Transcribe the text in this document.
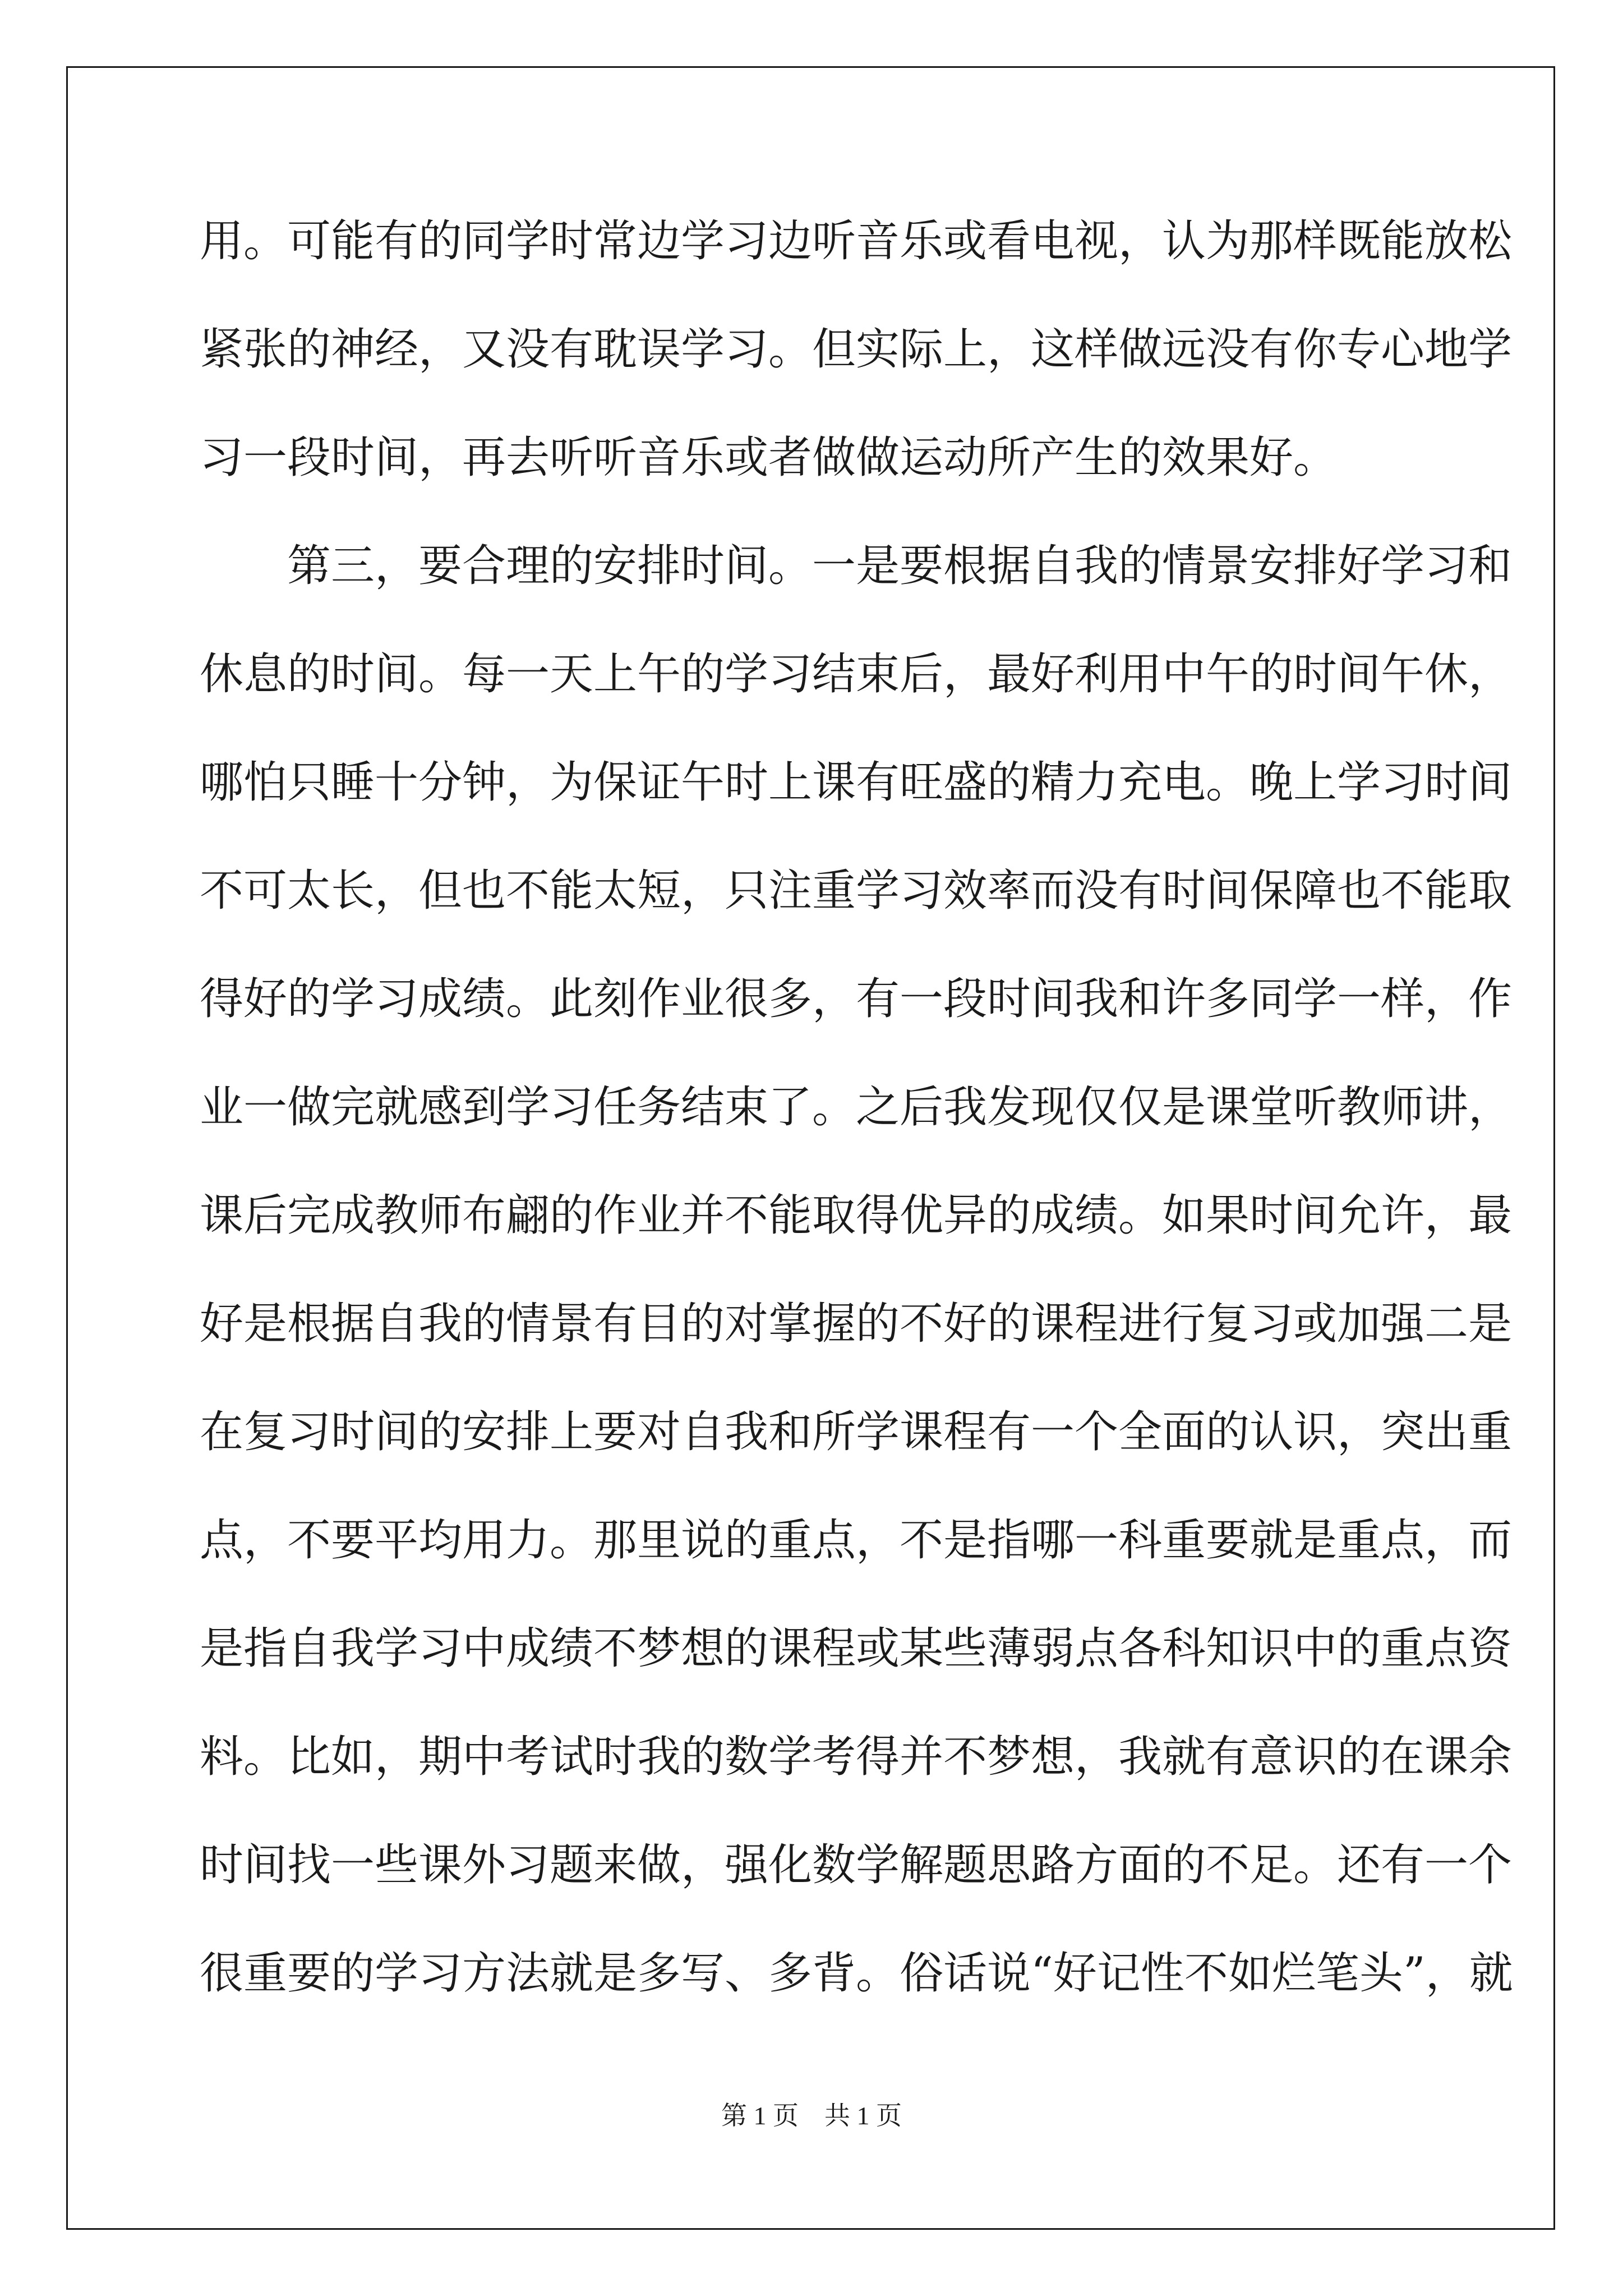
用。可能有的同学时常边学习边听音乐或看电视，认为那样既能放松
紧张的神经，又没有耽误学习。但实际上，这样做远没有你专心地学
习一段时间，再去听听音乐或者做做运动所产生的效果好。
第三，要合理的安排时间。一是要根据自我的情景安排好学习和
休息的时间。每一天上午的学习结束后，最好利用中午的时间午休，
哪怕只睡十分钟，为保证午时上课有旺盛的精力充电。晚上学习时间
不可太长，但也不能太短，只注重学习效率而没有时间保障也不能取
得好的学习成绩。此刻作业很多，有一段时间我和许多同学一样，作
业一做完就感到学习任务结束了。之后我发现仅仅是课堂听教师讲，
课后完成教师布翩的作业并不能取得优异的成绩。如果时间允许，最
好是根据自我的情景有目的对掌握的不好的课程进行复习或加强二是
在复习时间的安排上要对自我和所学课程有一个全面的认识，突出重
点，不要平均用力。那里说的重点，不是指哪一科重要就是重点，而
是指自我学习中成绩不梦想的课程或某些薄弱点各科知识中的重点资
料。比如，期中考试时我的数学考得并不梦想，我就有意识的在课余
时间找一些课外习题来做，强化数学解题思路方面的不足。还有一个
很重要的学习方法就是多写、多背。俗话说“好记性不如烂笔头”，就
第 1 页    共 1 页
